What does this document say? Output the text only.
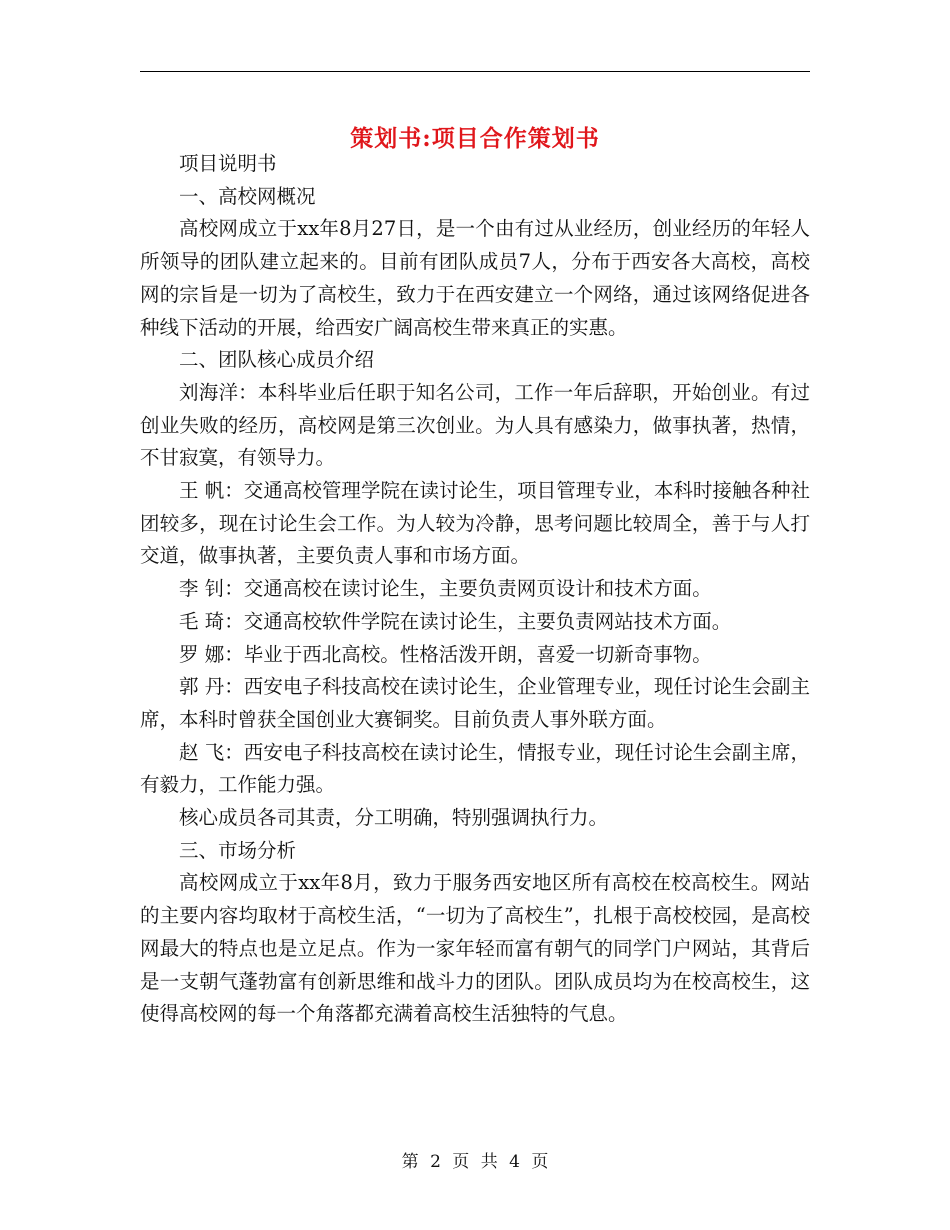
策划书:项目合作策划书

项目说明书

一、高校网概况

高校网成立于xx年8月27日，是一个由有过从业经历，创业经历的年轻人所领导的团队建立起来的。目前有团队成员7人，分布于西安各大高校，高校网的宗旨是一切为了高校生，致力于在西安建立一个网络，通过该网络促进各种线下活动的开展，给西安广阔高校生带来真正的实惠。

二、团队核心成员介绍

刘海洋：本科毕业后任职于知名公司，工作一年后辞职，开始创业。有过创业失败的经历，高校网是第三次创业。为人具有感染力，做事执著，热情，不甘寂寞，有领导力。

王 帆：交通高校管理学院在读讨论生，项目管理专业，本科时接触各种社团较多，现在讨论生会工作。为人较为冷静，思考问题比较周全，善于与人打交道，做事执著，主要负责人事和市场方面。

李 钊：交通高校在读讨论生，主要负责网页设计和技术方面。

毛 琦：交通高校软件学院在读讨论生，主要负责网站技术方面。

罗 娜：毕业于西北高校。性格活泼开朗，喜爱一切新奇事物。

郭 丹：西安电子科技高校在读讨论生，企业管理专业，现任讨论生会副主席，本科时曾获全国创业大赛铜奖。目前负责人事外联方面。

赵 飞：西安电子科技高校在读讨论生，情报专业，现任讨论生会副主席，有毅力，工作能力强。

核心成员各司其责，分工明确，特别强调执行力。

三、市场分析

高校网成立于xx年8月，致力于服务西安地区所有高校在校高校生。网站的主要内容均取材于高校生活，“一切为了高校生”，扎根于高校校园，是高校网最大的特点也是立足点。作为一家年轻而富有朝气的同学门户网站，其背后是一支朝气蓬勃富有创新思维和战斗力的团队。团队成员均为在校高校生，这使得高校网的每一个角落都充满着高校生活独特的气息。

第 2 页 共 4 页
